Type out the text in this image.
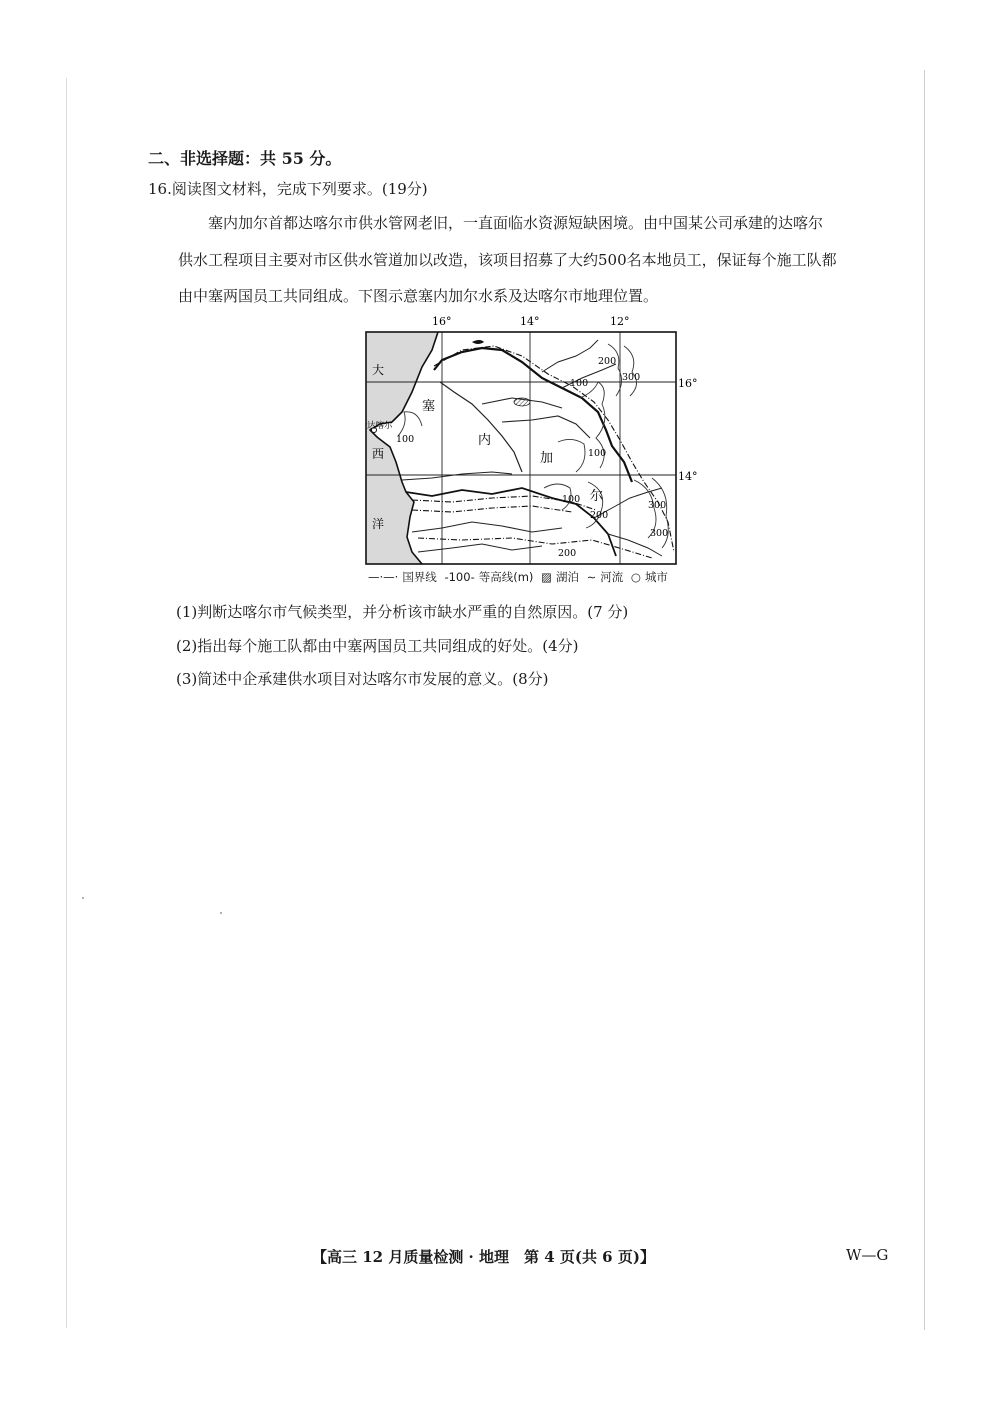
二、非选择题：共 55 分。
16.阅读图文材料，完成下列要求。(19分)
塞内加尔首都达喀尔市供水管网老旧，一直面临水资源短缺困境。由中国某公司承建的达喀尔
供水工程项目主要对市区供水管道加以改造，该项目招募了大约500名本地员工，保证每个施工队都
由中塞两国员工共同组成。下图示意塞内加尔水系及达喀尔市地理位置。
16°	14°	12°
16°
14°
大
西
洋
塞
内
加
尔
达喀尔
100
200
300
100
100
100
200
200
300
300
—·—· 国界线 -100- 等高线(m) ▨ 湖泊 ∼ 河流 ○ 城市
(1)判断达喀尔市气候类型，并分析该市缺水严重的自然原因。(7 分)
(2)指出每个施工队都由中塞两国员工共同组成的好处。(4分)
(3)简述中企承建供水项目对达喀尔市发展的意义。(8分)
【高三 12 月质量检测 · 地理　第 4 页(共 6 页)】	W—G
